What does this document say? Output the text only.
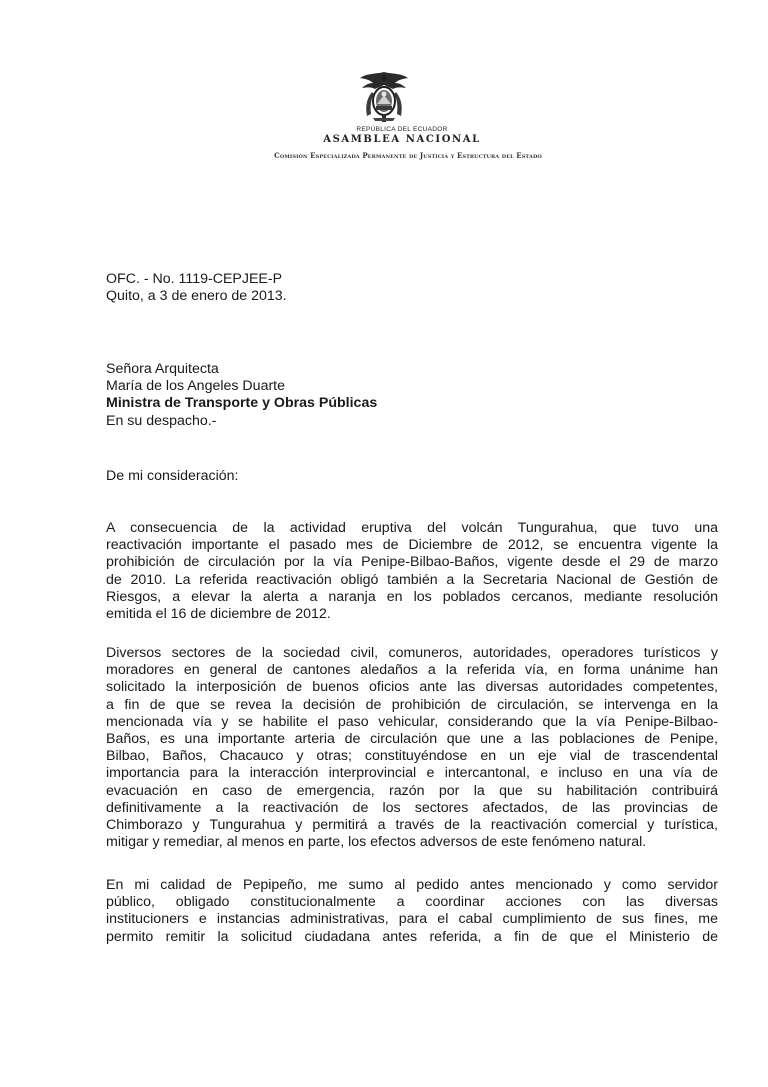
REPÚBLICA DEL ECUADOR
ASAMBLEA NACIONAL
Comisión Especializada Permanente de Justicia y Estructura del Estado
OFC. - No. 1119-CEPJEE-P
Quito, a 3 de enero de 2013.
Señora Arquitecta
María de los Angeles Duarte
Ministra de Transporte y Obras Públicas
En su despacho.-
De mi consideración:
A consecuencia de la actividad eruptiva del volcán Tungurahua, que tuvo una
reactivación importante el pasado mes de Diciembre de 2012, se encuentra vigente la
prohibición de circulación por la vía Penipe-Bilbao-Baños, vigente desde el 29 de marzo
de 2010. La referida reactivación obligó también a la Secretaria Nacional de Gestión de
Riesgos, a elevar la alerta a naranja en los poblados cercanos, mediante resolución
emitida el 16 de diciembre de 2012.
Diversos sectores de la sociedad civil, comuneros, autoridades, operadores turísticos y
moradores en general de cantones aledaños a la referida vía, en forma unánime han
solicitado la interposición de buenos oficios ante las diversas autoridades competentes,
a fin de que se revea la decisión de prohibición de circulación, se intervenga en la
mencionada vía y se habilite el paso vehicular, considerando que la vía Penipe-Bilbao-
Baños, es una importante arteria de circulación que une a las poblaciones de Penipe,
Bilbao, Baños, Chacauco y otras; constituyéndose en un eje vial de trascendental
importancia para la interacción interprovincial e intercantonal, e incluso en una vía de
evacuación en caso de emergencia, razón por la que su habilitación contribuirá
definitivamente a la reactivación de los sectores afectados, de las provincias de
Chimborazo y Tungurahua y permitirá a través de la reactivación comercial y turística,
mitigar y remediar, al menos en parte, los efectos adversos de este fenómeno natural.
En mi calidad de Pepipeño, me sumo al pedido antes mencionado y como servidor
público, obligado constitucionalmente a coordinar acciones con las diversas
institucioners e instancias administrativas, para el cabal cumplimiento de sus fines, me
permito remitir la solicitud ciudadana antes referida, a fin de que el Ministerio de
